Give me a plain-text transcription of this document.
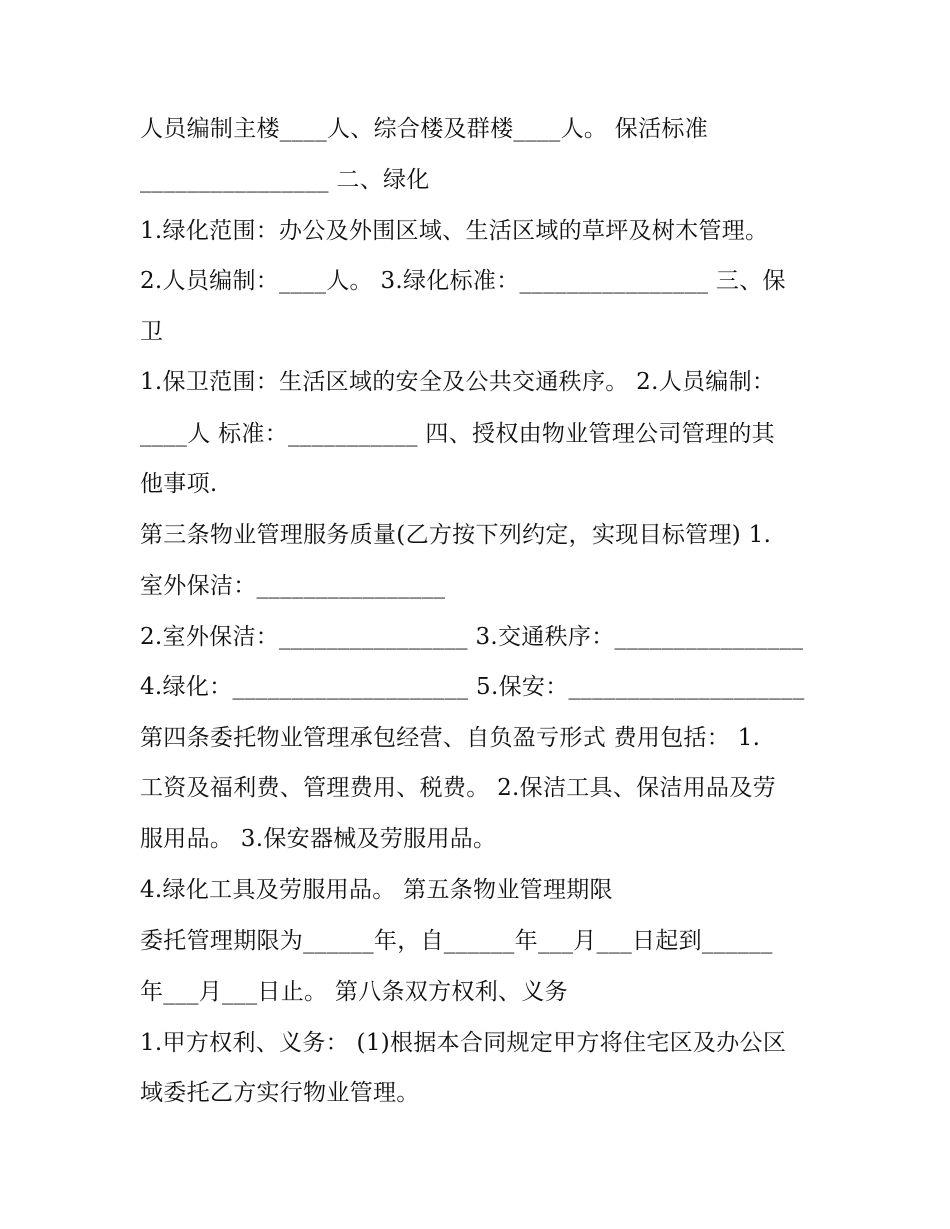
人员编制主楼____人、综合楼及群楼____人。 保活标准
________________ 二、绿化
1.绿化范围：办公及外围区域、生活区域的草坪及树木管理。
2.人员编制：____人。 3.绿化标准：________________ 三、保
卫
1.保卫范围：生活区域的安全及公共交通秩序。 2.人员编制：
____人 标准：___________ 四、授权由物业管理公司管理的其
他事项.
第三条物业管理服务质量(乙方按下列约定，实现目标管理) 1.
室外保洁：________________
2.室外保洁：________________ 3.交通秩序：________________
4.绿化：____________________ 5.保安：____________________
第四条委托物业管理承包经营、自负盈亏形式 费用包括： 1.
工资及福利费、管理费用、税费。 2.保洁工具、保洁用品及劳
服用品。 3.保安器械及劳服用品。
4.绿化工具及劳服用品。 第五条物业管理期限
委托管理期限为______年，自______年___月___日起到______
年___月___日止。 第八条双方权利、义务
1.甲方权利、义务： (1)根据本合同规定甲方将住宅区及办公区
域委托乙方实行物业管理。
